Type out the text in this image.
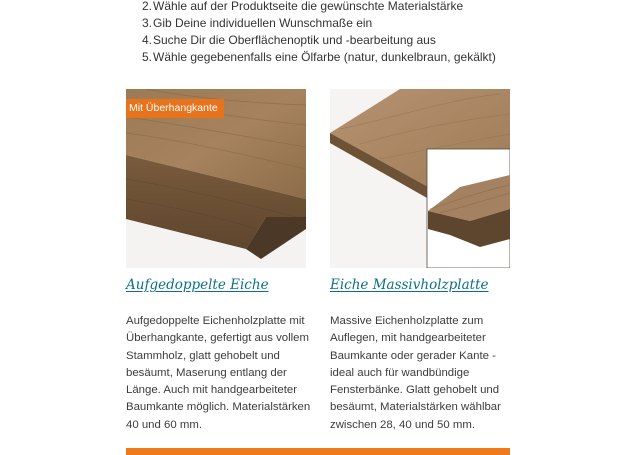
2. Wähle auf der Produktseite die gewünschte Materialstärke
3. Gib Deine individuellen Wunschmaße ein
4. Suche Dir die Oberflächenoptik und -bearbeitung aus
5. Wähle gegebenenfalls eine Ölfarbe (natur, dunkelbraun, gekälkt)
Mit Überhangkante
Aufgedoppelte Eiche
Aufgedoppelte Eichenholzplatte mit
Überhangkante, gefertigt aus vollem
Stammholz, glatt gehobelt und
besäumt, Maserung entlang der
Länge. Auch mit handgearbeiteter
Baumkante möglich. Materialstärken
40 und 60 mm.
Eiche Massivholzplatte
Massive Eichenholzplatte zum
Auflegen, mit handgearbeiteter
Baumkante oder gerader Kante -
ideal auch für wandbündige
Fensterbänke. Glatt gehobelt und
besäumt, Materialstärken wählbar
zwischen 28, 40 und 50 mm.
